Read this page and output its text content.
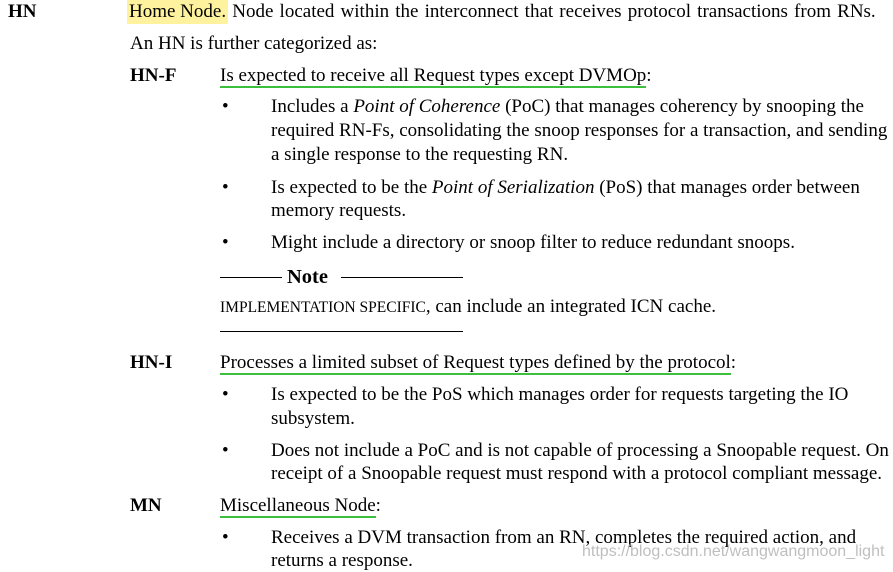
HN	Home Node. Node located within the interconnect that receives protocol transactions from RNs.
An HN is further categorized as:
HN-F Is expected to receive all Request types except DVMOp:
• Includes a Point of Coherence (PoC) that manages coherency by snooping the
required RN-Fs, consolidating the snoop responses for a transaction, and sending
a single response to the requesting RN.
• Is expected to be the Point of Serialization (PoS) that manages order between
memory requests.
• Might include a directory or snoop filter to reduce redundant snoops.
Note
IMPLEMENTATION SPECIFIC, can include an integrated ICN cache.
HN-I	Processes a limited subset of Request types defined by the protocol:
• Is expected to be the PoS which manages order for requests targeting the IO
subsystem.
• Does not include a PoC and is not capable of processing a Snoopable request. On
receipt of a Snoopable request must respond with a protocol compliant message.
MN	Miscellaneous Node:
• Receives a DVM transaction from an RN, completes the required action, and
returns a response.	https://blog.csdn.net/wangwangmoon_light
